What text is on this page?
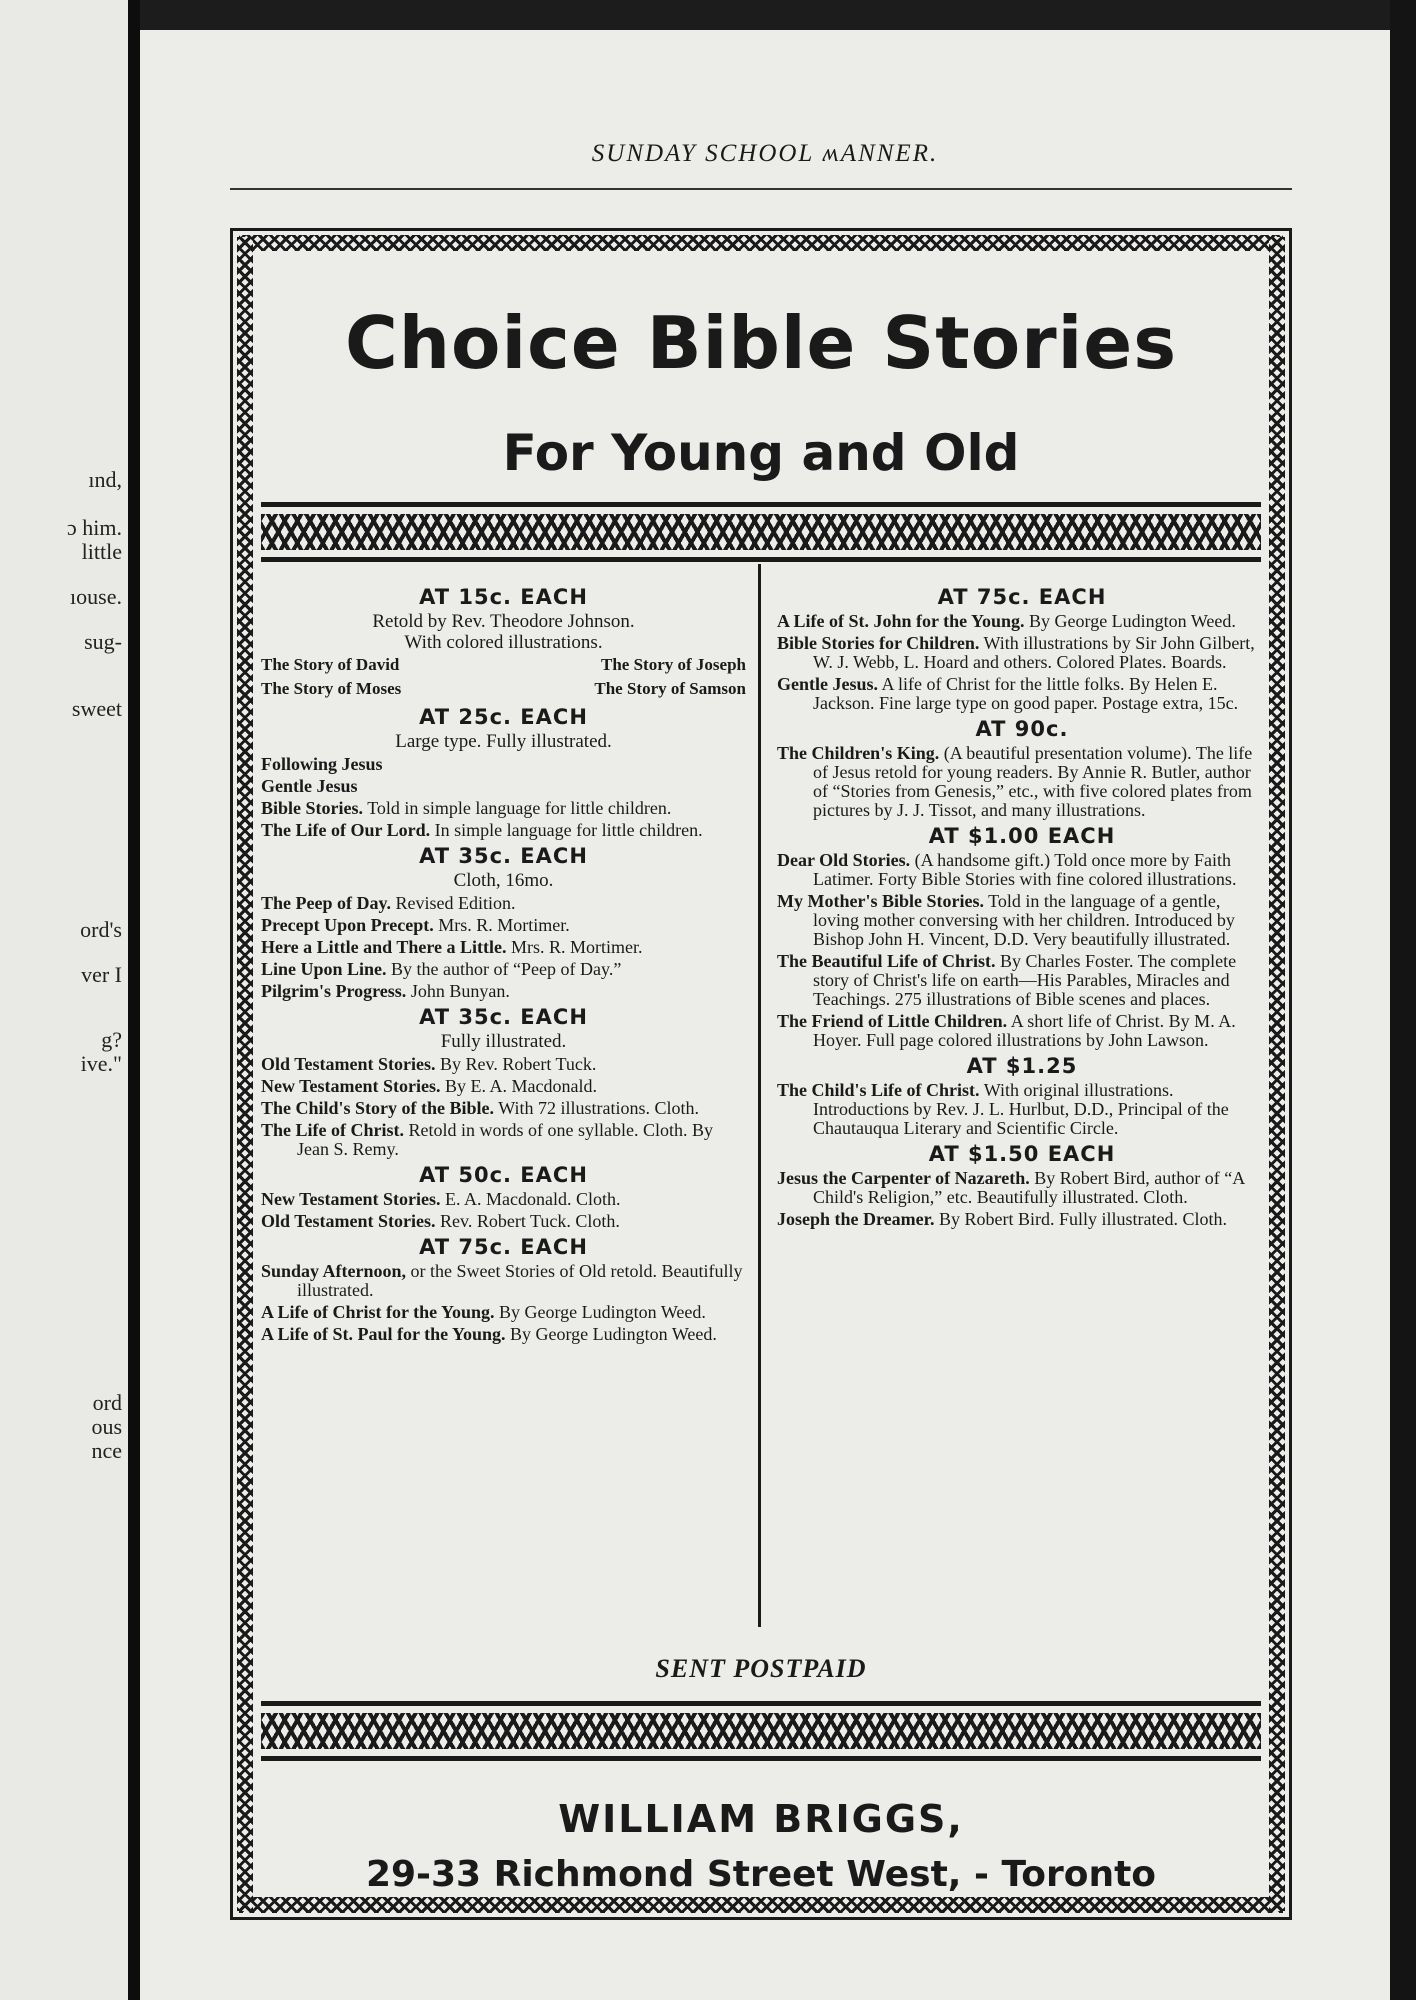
ınd,
ɔ him.
little
ıouse.
sug-
sweet
ord's
ver I
g?
ive."
ord
ous
nce
SUNDAY SCHOOL ʍANNER.
Choice Bible Stories
For Young and Old
AT 15c. EACH
Retold by Rev. Theodore Johnson.
With colored illustrations.
The Story of David	The Story of Joseph
The Story of Moses	The Story of Samson
AT 25c. EACH
Large type. Fully illustrated.
Following Jesus
Gentle Jesus
Bible Stories. Told in simple language for little children.
The Life of Our Lord. In simple language for little children.
AT 35c. EACH
Cloth, 16mo.
The Peep of Day. Revised Edition.
Precept Upon Precept. Mrs. R. Mortimer.
Here a Little and There a Little. Mrs. R. Mortimer.
Line Upon Line. By the author of “Peep of Day.”
Pilgrim's Progress. John Bunyan.
AT 35c. EACH
Fully illustrated.
Old Testament Stories. By Rev. Robert Tuck.
New Testament Stories. By E. A. Macdonald.
The Child's Story of the Bible. With 72 illustrations. Cloth.
The Life of Christ. Retold in words of one syllable. Cloth. By Jean S. Remy.
AT 50c. EACH
New Testament Stories. E. A. Macdonald. Cloth.
Old Testament Stories. Rev. Robert Tuck. Cloth.
AT 75c. EACH
Sunday Afternoon, or the Sweet Stories of Old retold. Beautifully illustrated.
A Life of Christ for the Young. By George Ludington Weed.
A Life of St. Paul for the Young. By George Ludington Weed.
AT 75c. EACH
A Life of St. John for the Young. By George Ludington Weed.
Bible Stories for Children. With illustrations by Sir John Gilbert, W. J. Webb, L. Hoard and others. Colored Plates. Boards.
Gentle Jesus. A life of Christ for the little folks. By Helen E. Jackson. Fine large type on good paper. Postage extra, 15c.
AT 90c.
The Children's King. (A beautiful presentation volume). The life of Jesus retold for young readers. By Annie R. Butler, author of “Stories from Genesis,” etc., with five colored plates from pictures by J. J. Tissot, and many illustrations.
AT $1.00 EACH
Dear Old Stories. (A handsome gift.) Told once more by Faith Latimer. Forty Bible Stories with fine colored illustrations.
My Mother's Bible Stories. Told in the language of a gentle, loving mother conversing with her children. Introduced by Bishop John H. Vincent, D.D. Very beautifully illustrated.
The Beautiful Life of Christ. By Charles Foster. The complete story of Christ's life on earth—His Parables, Miracles and Teachings. 275 illustrations of Bible scenes and places.
The Friend of Little Children. A short life of Christ. By M. A. Hoyer. Full page colored illustrations by John Lawson.
AT $1.25
The Child's Life of Christ. With original illustrations. Introductions by Rev. J. L. Hurlbut, D.D., Principal of the Chautauqua Literary and Scientific Circle.
AT $1.50 EACH
Jesus the Carpenter of Nazareth. By Robert Bird, author of “A Child's Religion,” etc. Beautifully illustrated. Cloth.
Joseph the Dreamer. By Robert Bird. Fully illustrated. Cloth.
SENT POSTPAID
WILLIAM BRIGGS,
29-33 Richmond Street West, - Toronto
